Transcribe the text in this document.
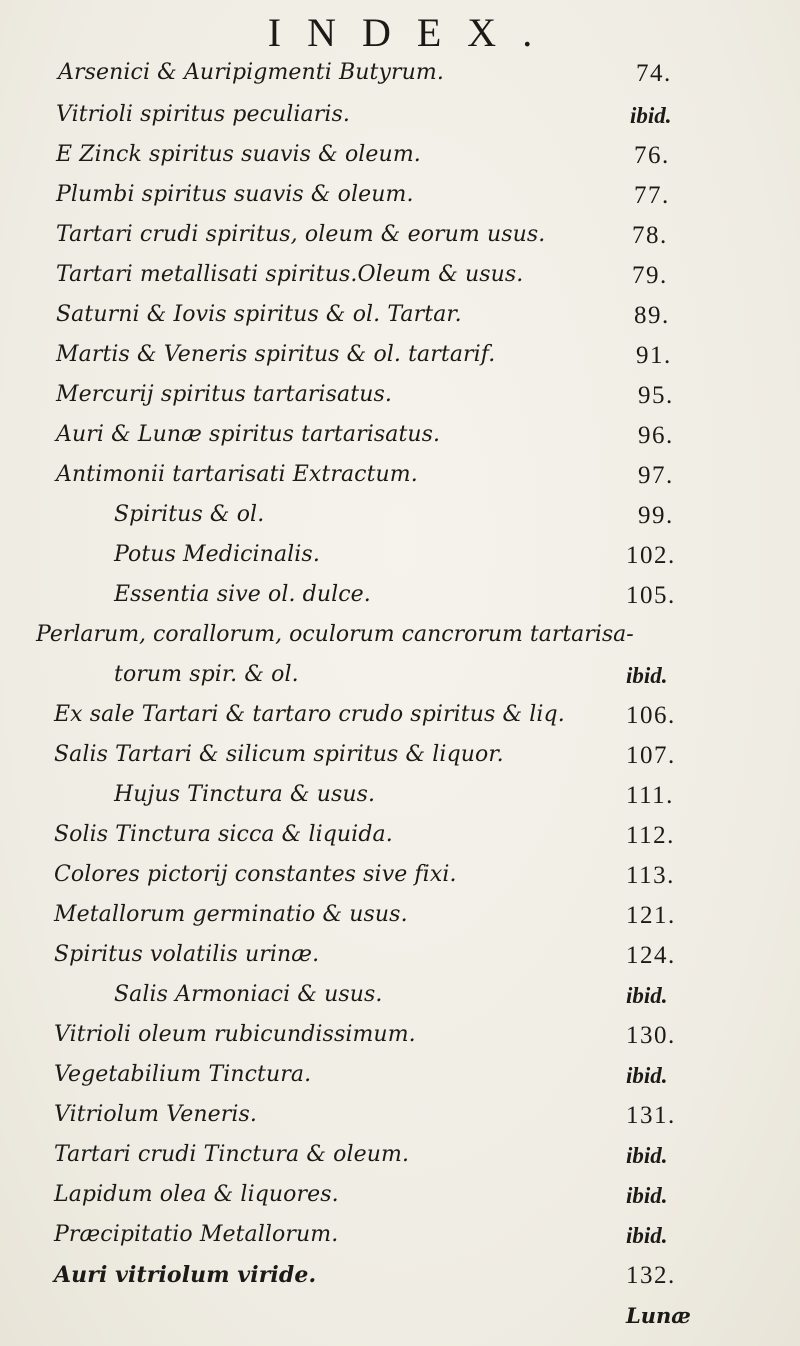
INDEX.
Arsenici & Auripigmenti Butyrum.	74.
Vitrioli spiritus peculiaris.	ibid.
E Zinck spiritus suavis & oleum.	76.
Plumbi spiritus suavis & oleum.	77.
Tartari crudi spiritus, oleum & eorum usus.	78.
Tartari metallisati spiritus.Oleum & usus.	79.
Saturni & Iovis spiritus & ol. Tartar.	89.
Martis & Veneris spiritus & ol. tartarif.	91.
Mercurij spiritus tartarisatus.	95.
Auri & Lunæ spiritus tartarisatus.	96.
Antimonii tartarisati Extractum.	97.
Spiritus & ol.	99.
Potus Medicinalis.	102.
Essentia sive ol. dulce.	105.
Perlarum, corallorum, oculorum cancrorum tartarisa-
torum spir. & ol.	ibid.
Ex sale Tartari & tartaro crudo spiritus & liq. 106.
Salis Tartari & silicum spiritus & liquor.	107.
Hujus Tinctura & usus.	111.
Solis Tinctura sicca & liquida.	112.
Colores pictorij constantes sive fixi.	113.
Metallorum germinatio & usus.	121.
Spiritus volatilis urinæ.	124.
Salis Armoniaci & usus.	ibid.
Vitrioli oleum rubicundissimum.	130.
Vegetabilium Tinctura.	ibid.
Vitriolum Veneris.	131.
Tartari crudi Tinctura & oleum.	ibid.
Lapidum olea & liquores.	ibid.
Præcipitatio Metallorum.	ibid.
Auri vitriolum viride.	132.
Lunæ
